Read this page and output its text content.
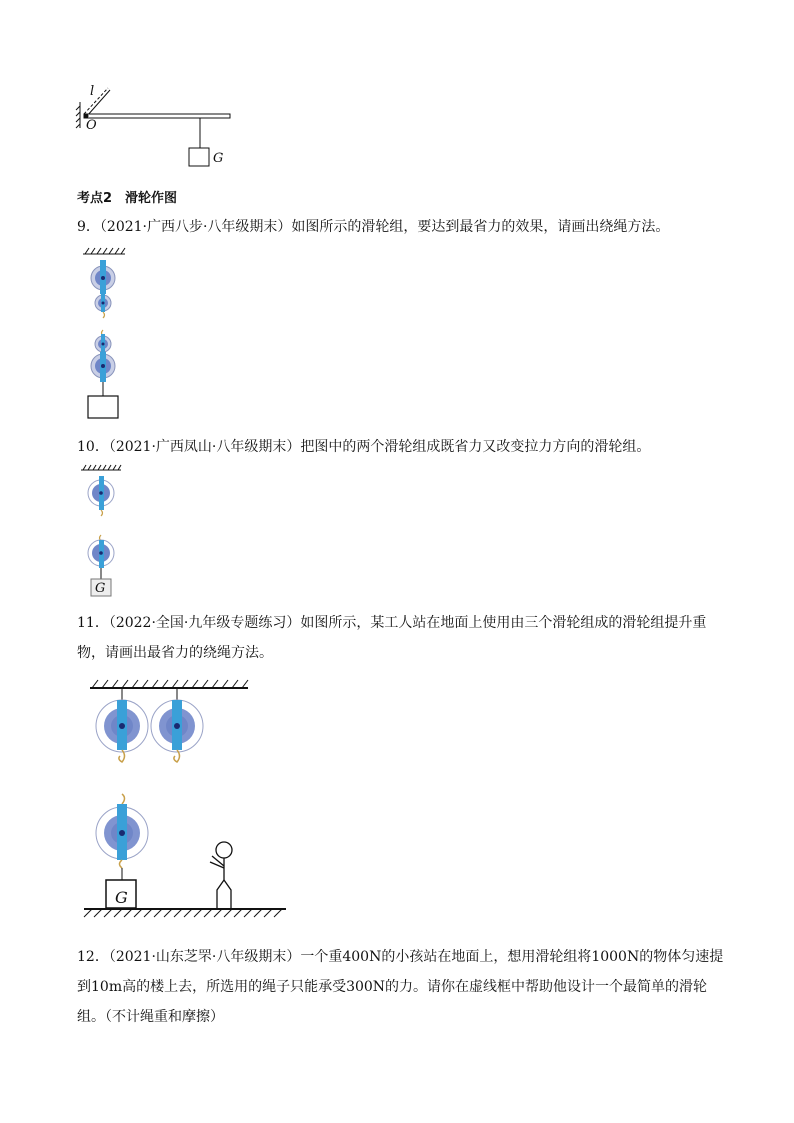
l
O
G
考点2　滑轮作图
9．（2021·广西八步·八年级期末）如图所示的滑轮组，要达到最省力的效果，请画出绕绳方法。
10．（2021·广西凤山·八年级期末）把图中的两个滑轮组成既省力又改变拉力方向的滑轮组。
G
11．（2022·全国·九年级专题练习）如图所示，某工人站在地面上使用由三个滑轮组成的滑轮组提升重
物，请画出最省力的绕绳方法。
G
12．（2021·山东芝罘·八年级期末）一个重400N的小孩站在地面上，想用滑轮组将1000N的物体匀速提
到10m高的楼上去，所选用的绳子只能承受300N的力。请你在虚线框中帮助他设计一个最简单的滑轮
组。（不计绳重和摩擦）
